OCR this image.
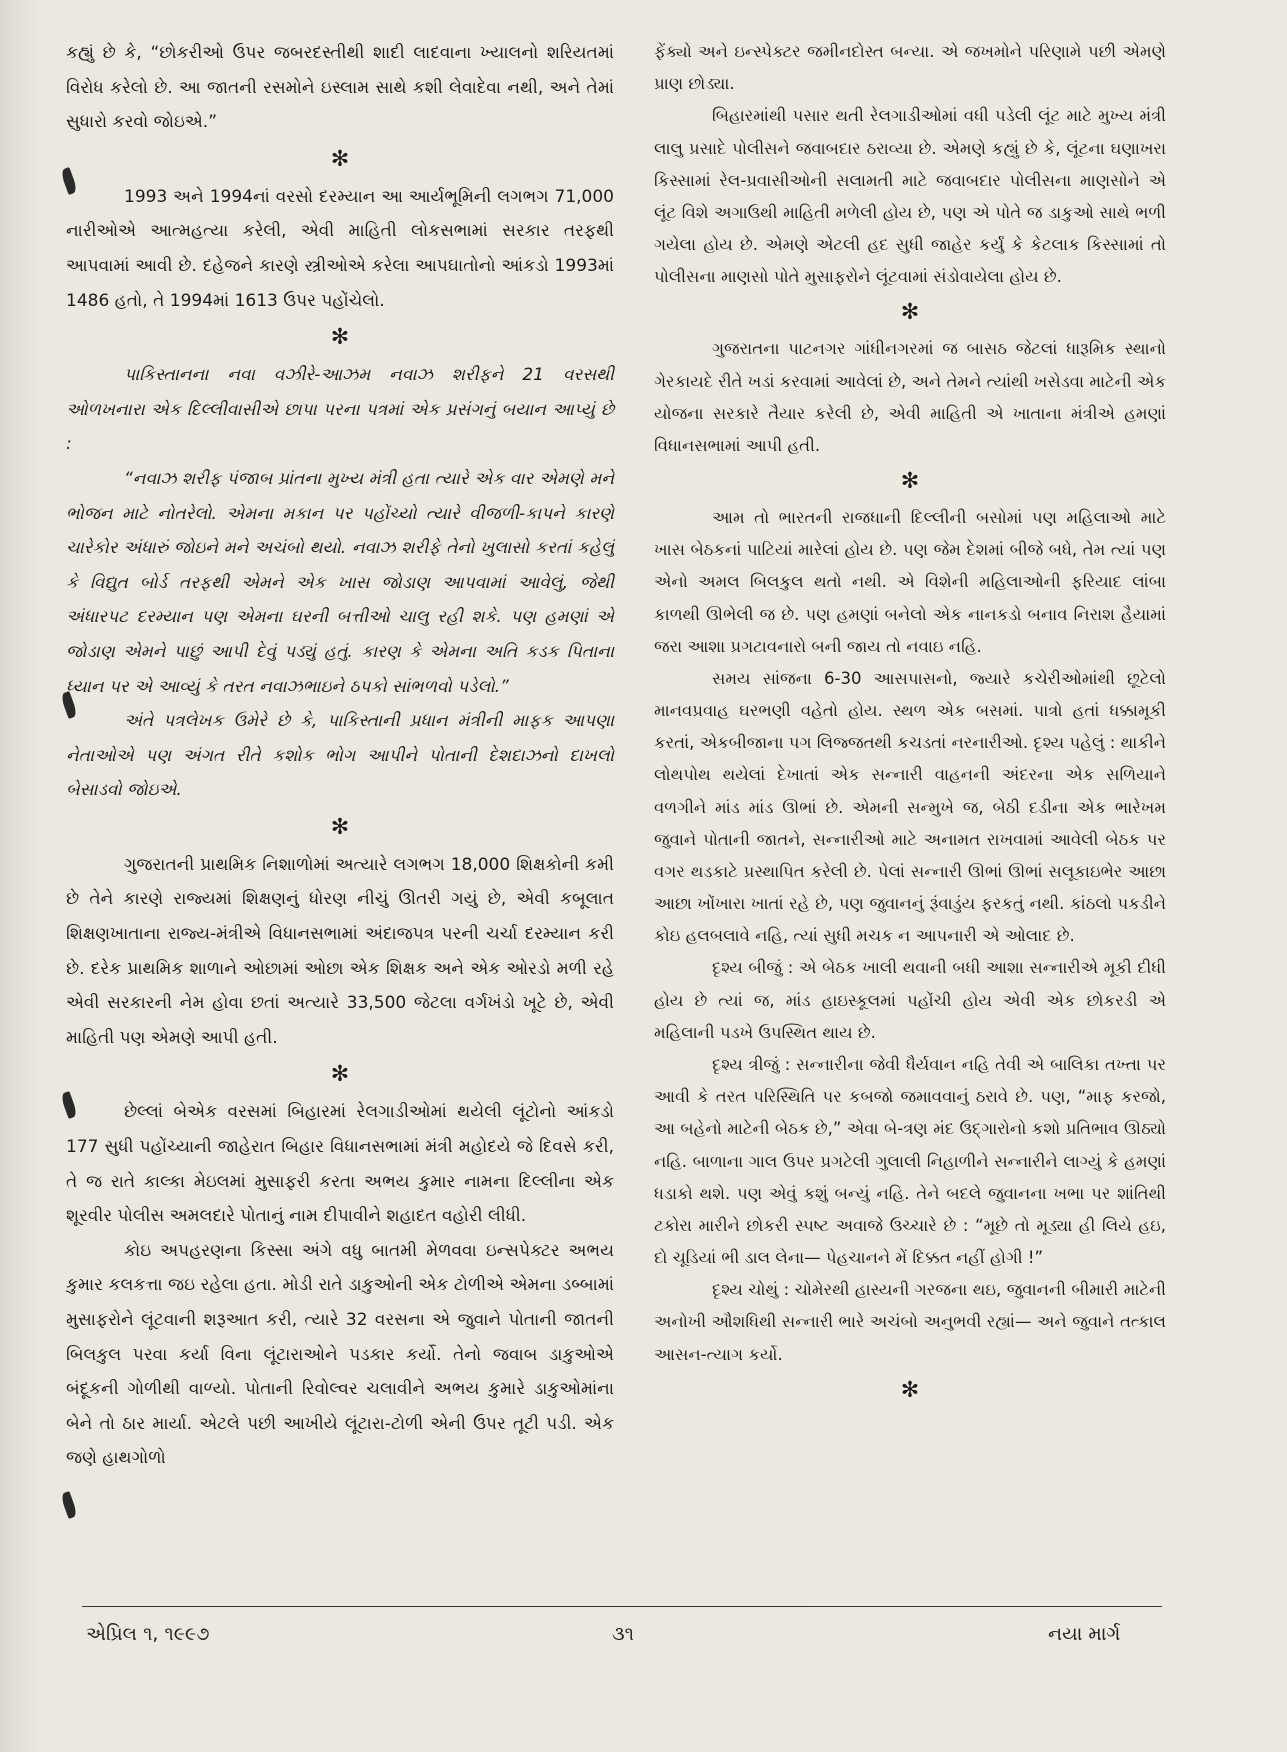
કહ્યું છે કે, “છોકરીઓ ઉપર જબરદસ્તીથી શાદી લાદવાના ખ્યાલનો શરિયતમાં વિરોધ કરેલો છે. આ જાતની રસમોને ઇસ્લામ સાથે કશી લેવાદેવા નથી, અને તેમાં સુધારો કરવો જોઇએ.”

✻

1993 અને 1994નાં વરસો દરમ્યાન આ આર્યભૂમિની લગભગ 71,000 નારીઓએ આત્મહત્યા કરેલી, એવી માહિતી લોકસભામાં સરકાર તરફથી આપવામાં આવી છે. દહેજને કારણે સ્ત્રીઓએ કરેલા આપઘાતોનો આંકડો 1993માં 1486 હતો, તે 1994માં 1613 ઉપર પહોંચેલો.

✻

પાકિસ્તાનના નવા વઝીરે-આઝમ નવાઝ શરીફને 21 વરસથી ઓળખનારા એક દિલ્લીવાસીએ છાપા પરના પત્રમાં એક પ્રસંગનું બયાન આપ્યું છે :

“નવાઝ શરીફ પંજાબ પ્રાંતના મુખ્ય મંત્રી હતા ત્યારે એક વાર એમણે મને ભોજન માટે નોતરેલો. એમના મકાન પર પહોંચ્યો ત્યારે વીજળી-કાપને કારણે ચારેકોર અંધારું જોઇને મને અચંબો થયો. નવાઝ શરીફે તેનો ખુલાસો કરતાં કહેલું કે વિદ્યુત બોર્ડ તરફથી એમને એક ખાસ જોડાણ આપવામાં આવેલું, જેથી અંધારપટ દરમ્યાન પણ એમના ઘરની બત્તીઓ ચાલુ રહી શકે. પણ હમણાં એ જોડાણ એમને પાછું આપી દેવું પડ્યું હતું. કારણ કે એમના અતિ કડક પિતાના ધ્યાન પર એ આવ્યું કે તરત નવાઝભાઇને ઠપકો સાંભળવો પડેલો.”

અંતે પત્રલેખક ઉમેરે છે કે, પાકિસ્તાની પ્રધાન મંત્રીની માફક આપણા નેતાઓએ પણ અંગત રીતે કશોક ભોગ આપીને પોતાની દેશદાઝનો દાખલો બેસાડવો જોઇએ.

✻

ગુજરાતની પ્રાથમિક નિશાળોમાં અત્યારે લગભગ 18,000 શિક્ષકોની કમી છે તેને કારણે રાજ્યમાં શિક્ષણનું ધોરણ નીચું ઊતરી ગયું છે, એવી કબૂલાત શિક્ષણખાતાના રાજ્ય-મંત્રીએ વિધાનસભામાં અંદાજપત્ર પરની ચર્ચા દરમ્યાન કરી છે. દરેક પ્રાથમિક શાળાને ઓછામાં ઓછા એક શિક્ષક અને એક ઓરડો મળી રહે એવી સરકારની નેમ હોવા છતાં અત્યારે 33,500 જેટલા વર્ગખંડો ખૂટે છે, એવી માહિતી પણ એમણે આપી હતી.

✻

છેલ્લાં બેએક વરસમાં બિહારમાં રેલગાડીઓમાં થયેલી લૂંટોનો આંકડો 177 સુધી પહોંચ્યાની જાહેરાત બિહાર વિધાનસભામાં મંત્રી મહોદયે જે દિવસે કરી, તે જ રાતે કાલ્કા મેઇલમાં મુસાફરી કરતા અભય કુમાર નામના દિલ્લીના એક શૂરવીર પોલીસ અમલદારે પોતાનું નામ દીપાવીને શહાદત વહોરી લીધી.

કોઇ અપહરણના કિસ્સા અંગે વધુ બાતમી મેળવવા ઇન્સપેક્ટર અભય કુમાર કલકત્તા જઇ રહેલા હતા. મોડી રાતે ડાકુઓની એક ટોળીએ એમના ડબ્બામાં મુસાફરોને લૂંટવાની શરૂઆત કરી, ત્યારે 32 વરસના એ જુવાને પોતાની જાતની બિલકુલ પરવા કર્યા વિના લૂંટારાઓને પડકાર કર્યો. તેનો જવાબ ડાકુઓએ બંદૂકની ગોળીથી વાળ્યો. પોતાની રિવોલ્વર ચલાવીને અભય કુમારે ડાકુઓમાંના બેને તો ઠાર માર્યા. એટલે પછી આખીયે લૂંટારા-ટોળી એની ઉપર તૂટી પડી. એક જણે હાથગોળો

ફેંક્યો અને ઇન્સ્પેક્ટર જમીનદોસ્ત બન્યા. એ જખમોને પરિણામે પછી એમણે પ્રાણ છોડ્યા.

બિહારમાંથી પસાર થતી રેલગાડીઓમાં વધી પડેલી લૂંટ માટે મુખ્ય મંત્રી લાલુ પ્રસાદે પોલીસને જવાબદાર ઠરાવ્યા છે. એમણે કહ્યું છે કે, લૂંટના ઘણાખરા કિસ્સામાં રેલ-પ્રવાસીઓની સલામતી માટે જવાબદાર પોલીસના માણસોને એ લૂંટ વિશે અગાઉથી માહિતી મળેલી હોય છે, પણ એ પોતે જ ડાકુઓ સાથે ભળી ગયેલા હોય છે. એમણે એટલી હદ સુધી જાહેર કર્યું કે કેટલાક કિસ્સામાં તો પોલીસના માણસો પોતે મુસાફરોને લૂંટવામાં સંડોવાયેલા હોય છે.

✻

ગુજરાતના પાટનગર ગાંધીનગરમાં જ બાસઠ જેટલાં ધારૂમિક સ્થાનો ગેરકાયદે રીતે ખડાં કરવામાં આવેલાં છે, અને તેમને ત્યાંથી ખસેડવા માટેની એક યોજના સરકારે તૈયાર કરેલી છે, એવી માહિતી એ ખાતાના મંત્રીએ હમણાં વિધાનસભામાં આપી હતી.

✻

આમ તો ભારતની રાજધાની દિલ્લીની બસોમાં પણ મહિલાઓ માટે ખાસ બેઠકનાં પાટિયાં મારેલાં હોય છે. પણ જેમ દેશમાં બીજે બધે, તેમ ત્યાં પણ એનો અમલ બિલકુલ થતો નથી. એ વિશેની મહિલાઓની ફરિયાદ લાંબા કાળથી ઊભેલી જ છે. પણ હમણાં બનેલો એક નાનકડો બનાવ નિરાશ હૈયામાં જરા આશા પ્રગટાવનારો બની જાય તો નવાઇ નહિ.

સમય સાંજના 6-30 આસપાસનો, જ્યારે કચેરીઓમાંથી છૂટેલો માનવપ્રવાહ ઘરભણી વહેતો હોય. સ્થળ એક બસમાં. પાત્રો હતાં ધક્કામૂકી કરતાં, એકબીજાના પગ લિજ્જતથી કચડતાં નરનારીઓ. દૃશ્ય પહેલું : થાકીને લોથપોથ થયેલાં દેખાતાં એક સન્નારી વાહનની અંદરના એક સળિયાને વળગીને માંડ માંડ ઊભાં છે. એમની સન્મુખે જ, બેઠી દડીના એક ભારેખમ જુવાને પોતાની જાતને, સન્નારીઓ માટે અનામત રાખવામાં આવેલી બેઠક પર વગર થડકાટે પ્રસ્થાપિત કરેલી છે. પેલાં સન્નારી ઊભાં ઊભાં સલૂકાઇભેર આછા આછા ખોંખારા ખાતાં રહે છે, પણ જુવાનનું રૂંવાડુંય ફરકતું નથી. કાંઠલો પકડીને કોઇ હલબલાવે નહિ, ત્યાં સુધી મચક ન આપનારી એ ઓલાદ છે.

દૃશ્ય બીજું : એ બેઠક ખાલી થવાની બધી આશા સન્નારીએ મૂકી દીધી હોય છે ત્યાં જ, માંડ હાઇસ્કૂલમાં પહોંચી હોય એવી એક છોકરડી એ મહિલાની પડખે ઉપસ્થિત થાય છે.

દૃશ્ય ત્રીજું : સન્નારીના જેવી ધૈર્યવાન નહિ તેવી એ બાલિકા તખ્તા પર આવી કે તરત પરિસ્થિતિ પર કબજો જમાવવાનું ઠરાવે છે. પણ, “માફ કરજો, આ બહેનો માટેની બેઠક છે,” એવા બે-ત્રણ મંદ ઉદ્ગારોનો કશો પ્રતિભાવ ઊઠ્યો નહિ. બાળાના ગાલ ઉપર પ્રગટેલી ગુલાલી નિહાળીને સન્નારીને લાગ્યું કે હમણાં ધડાકો થશે. પણ એવું કશું બન્યું નહિ. તેને બદલે જુવાનના ખભા પર શાંતિથી ટકોરા મારીને છોકરી સ્પષ્ટ અવાજે ઉચ્ચારે છે : “મૂછે તો મૂડ્યા હી લિયે હઇ, દો ચૂડિયાં ભી ડાલ લેના— પેહચાનને મેં દિક્કત નહીં હોગી !”

દૃશ્ય ચોથું : ચોમેરથી હાસ્યની ગરજના થઇ, જુવાનની બીમારી માટેની અનોખી ઔશધિથી સન્નારી ભારે અચંબો અનુભવી રહ્યાં— અને જુવાને તત્કાલ આસન-ત્યાગ કર્યો.

✻
એપ્રિલ ૧, ૧૯૯૭	૩૧	નયા માર્ગ
